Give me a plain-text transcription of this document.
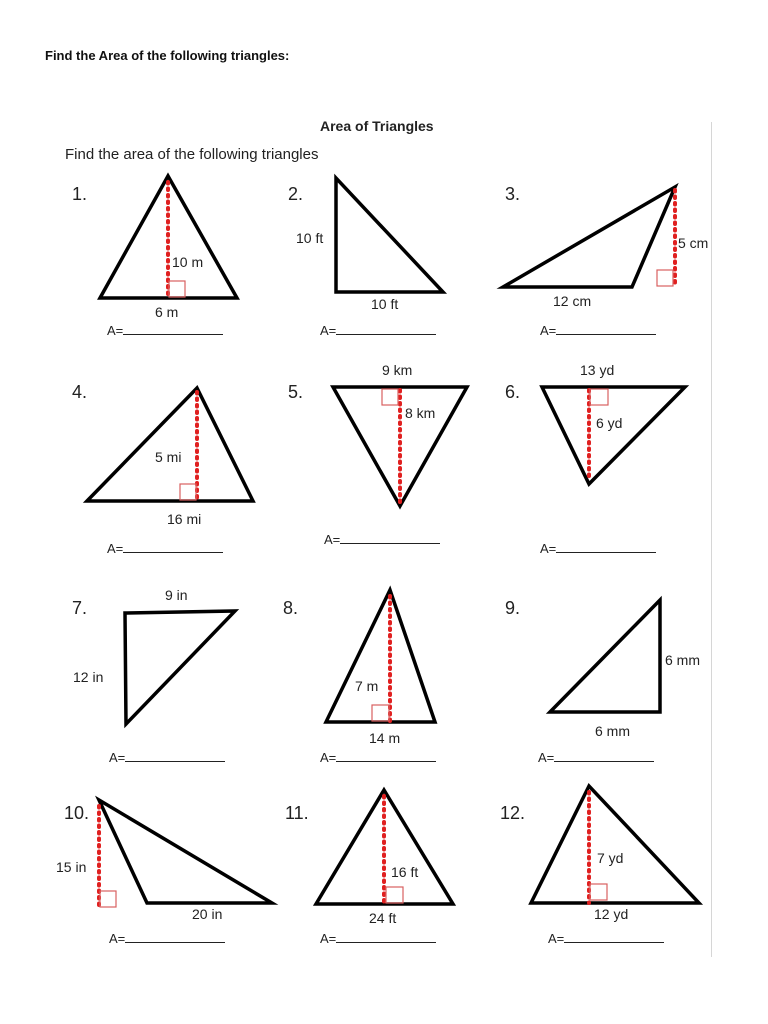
Find the Area of the following triangles:
Area of Triangles
Find the area of the following triangles
1.	2.	3.
4.	5.	6.
7.	8.	9.
10.	11.	12.
10 m
6 m
10 ft
10 ft
5 cm
12 cm
5 mi
16 mi
9 km
8 km
13 yd
6 yd
9 in
12 in
7 m
14 m
6 mm
6 mm
15 in
20 in
16 ft
24 ft
7 yd
12 yd
A=	A=	A=
A=
A=
A=
A=	A=	A=
A=	A=	A=
